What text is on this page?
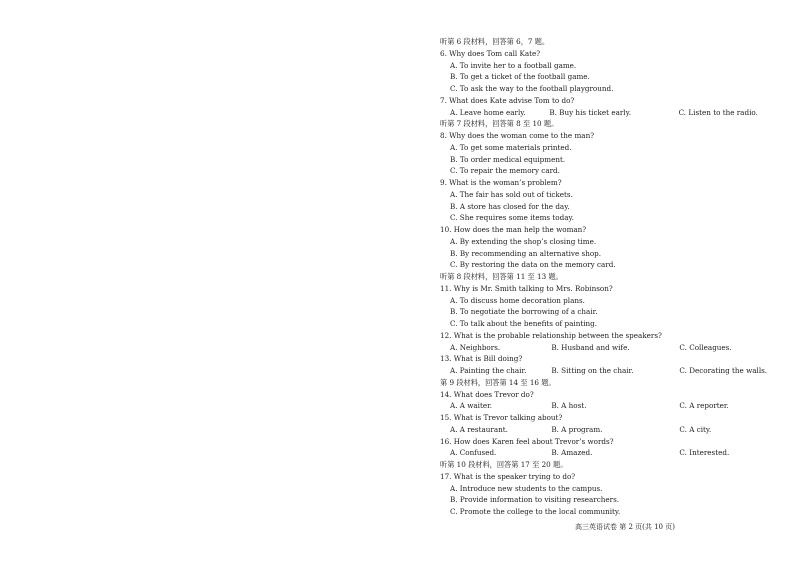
听第 6 段材料，回答第 6，7 题。
6. Why does Tom call Kate?
A. To invite her to a football game.
B. To get a ticket of the football game.
C. To ask the way to the football playground.
7. What does Kate advise Tom to do?
A. Leave home early.	B. Buy his ticket early.	C. Listen to the radio.
听第 7 段材料，回答第 8 至 10 题。
8. Why does the woman come to the man?
A. To get some materials printed.
B. To order medical equipment.
C. To repair the memory card.
9. What is the woman’s problem?
A. The fair has sold out of tickets.
B. A store has closed for the day.
C. She requires some items today.
10. How does the man help the woman?
A. By extending the shop’s closing time.
B. By recommending an alternative shop.
C. By restoring the data on the memory card.
听第 8 段材料，回答第 11 至 13 题。
11. Why is Mr. Smith talking to Mrs. Robinson?
A. To discuss home decoration plans.
B. To negotiate the borrowing of a chair.
C. To talk about the benefits of painting.
12. What is the probable relationship between the speakers?
A. Neighbors.	B. Husband and wife.	C. Colleagues.
13. What is Bill doing?
A. Painting the chair.	B. Sitting on the chair.	C. Decorating the walls.
第 9 段材料，回答第 14 至 16 题。
14. What does Trevor do?
A. A waiter.	B. A host.	C. A reporter.
15. What is Trevor talking about?
A. A restaurant.	B. A program.	C. A city.
16. How does Karen feel about Trevor’s words?
A. Confused.	B. Amazed.	C. Interested.
听第 10 段材料，回答第 17 至 20 题。
17. What is the speaker trying to do?
A. Introduce new students to the campus.
B. Provide information to visiting researchers.
C. Promote the college to the local community.
高三英语试卷 第 2 页(共 10 页)
